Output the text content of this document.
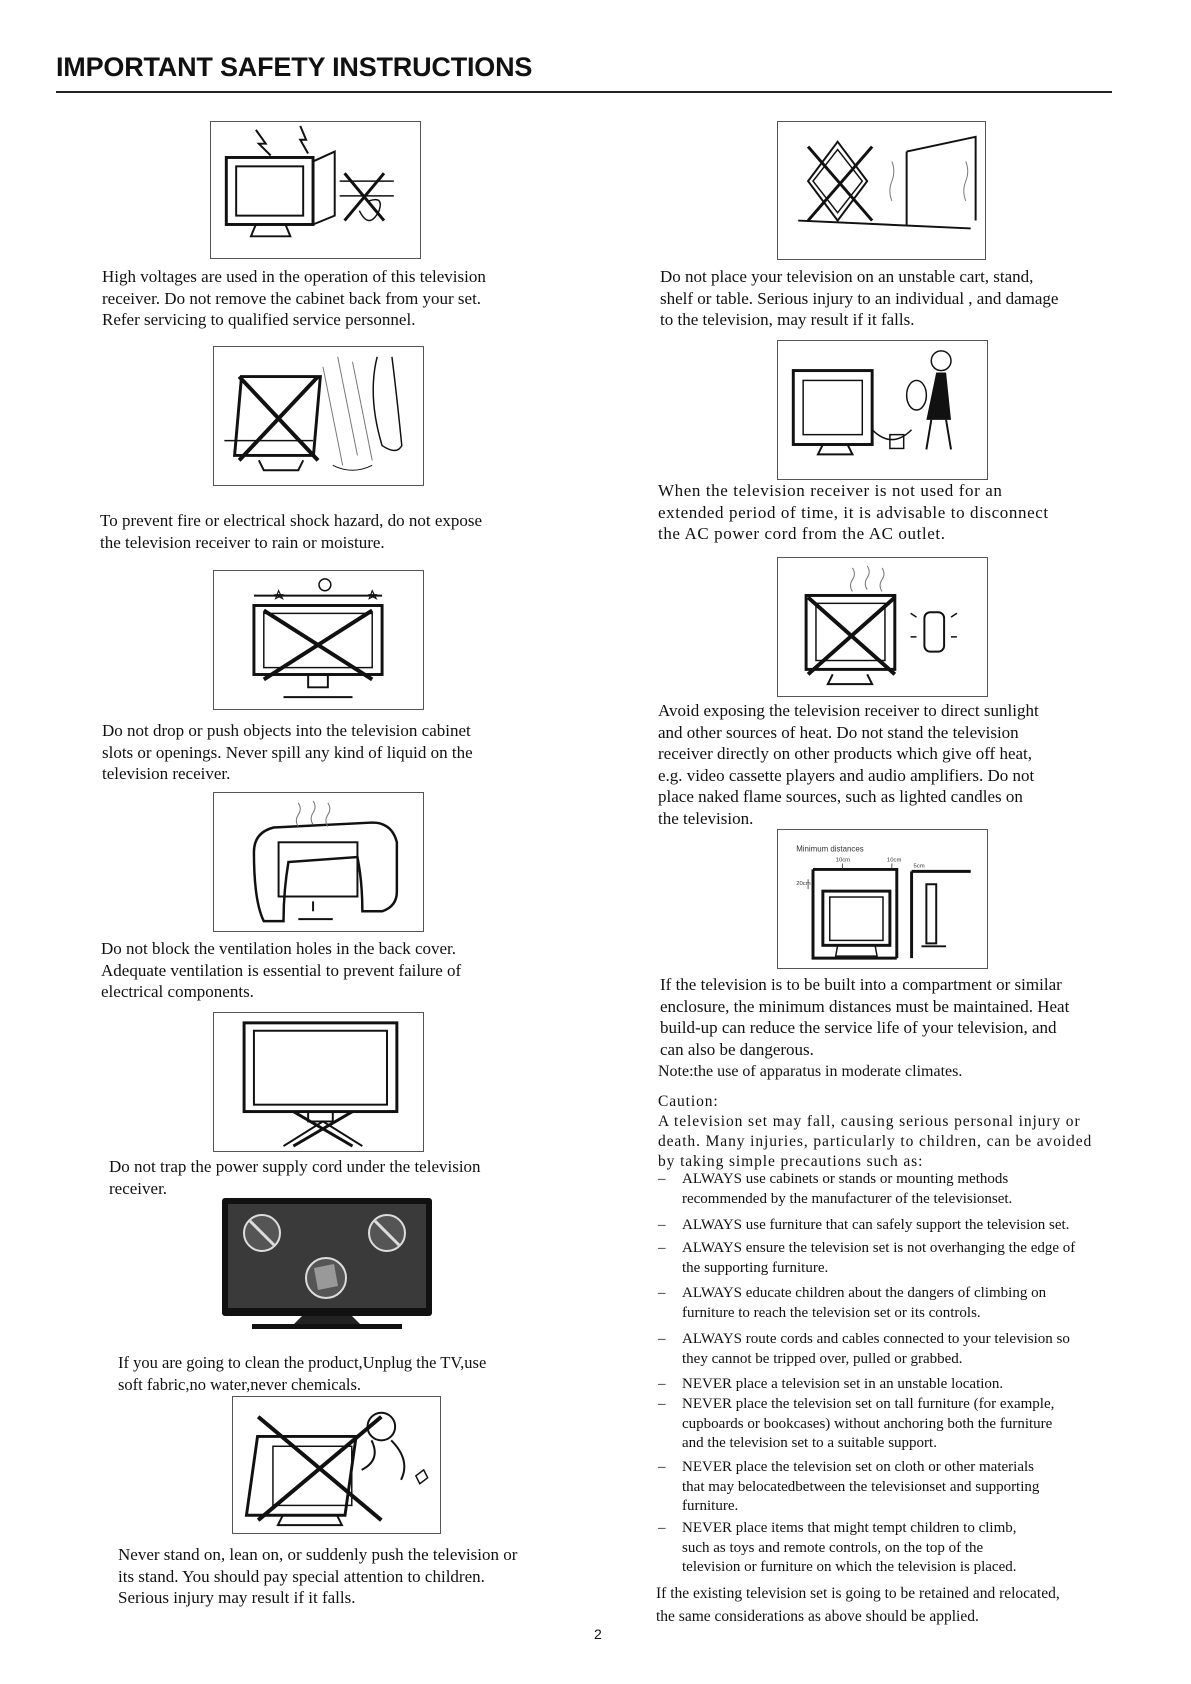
IMPORTANT SAFETY INSTRUCTIONS
Minimum distances
10cm	10cm
5cm
20cm
High voltages are used in the operation of this television
receiver. Do not remove the cabinet back from your set.
Refer servicing to qualified service personnel.
To prevent fire or electrical shock hazard, do not expose
the television receiver to rain or moisture.
Do not drop or push objects into the television cabinet
slots or openings. Never spill any kind of liquid on the
television receiver.
Do not block the ventilation holes in the back cover.
Adequate ventilation is essential to prevent failure of
electrical components.
Do not trap the power supply cord under the television
receiver.
If you are going to clean the product,Unplug the TV,use
soft fabric,no water,never chemicals.
Never stand on, lean on, or suddenly push the television or
its stand. You should pay special attention to children.
Serious injury may result if it falls.
Do not place your television on an unstable cart, stand,
shelf or table. Serious injury to an individual , and damage
to the television, may result if it falls.
When the television receiver is not used for an
extended period of time, it is advisable to disconnect
the AC power cord from the AC outlet.
Avoid exposing the television receiver to direct sunlight
and other sources of heat. Do not stand the television
receiver directly on other products which give off heat,
e.g. video cassette players and audio amplifiers. Do not
place naked flame sources, such as lighted candles on
the television.
If the television is to be built into a compartment or similar
enclosure, the minimum distances must be maintained. Heat
build-up can reduce the service life of your television, and
can also be dangerous.
Note:the use of apparatus in moderate climates.
Caution:
A television set may fall, causing serious personal injury or
death. Many injuries, particularly to children, can be avoided
by taking simple precautions such as:
– ALWAYS use cabinets or stands or mounting methods
recommended by the manufacturer of the televisionset.
– ALWAYS use furniture that can safely support the television set.
– ALWAYS ensure the television set is not overhanging the edge of
the supporting furniture.
– ALWAYS educate children about the dangers of climbing on
furniture to reach the television set or its controls.
– ALWAYS route cords and cables connected to your television so
they cannot be tripped over, pulled or grabbed.
– NEVER place a television set in an unstable location.
– NEVER place the television set on tall furniture (for example,
cupboards or bookcases) without anchoring both the furniture
and the television set to a suitable support.
– NEVER place the television set on cloth or other materials
that may belocatedbetween the televisionset and supporting
furniture.
– NEVER place items that might tempt children to climb,
such as toys and remote controls, on the top of the
television or furniture on which the television is placed.
If the existing television set is going to be retained and relocated,
the same considerations as above should be applied.
2
